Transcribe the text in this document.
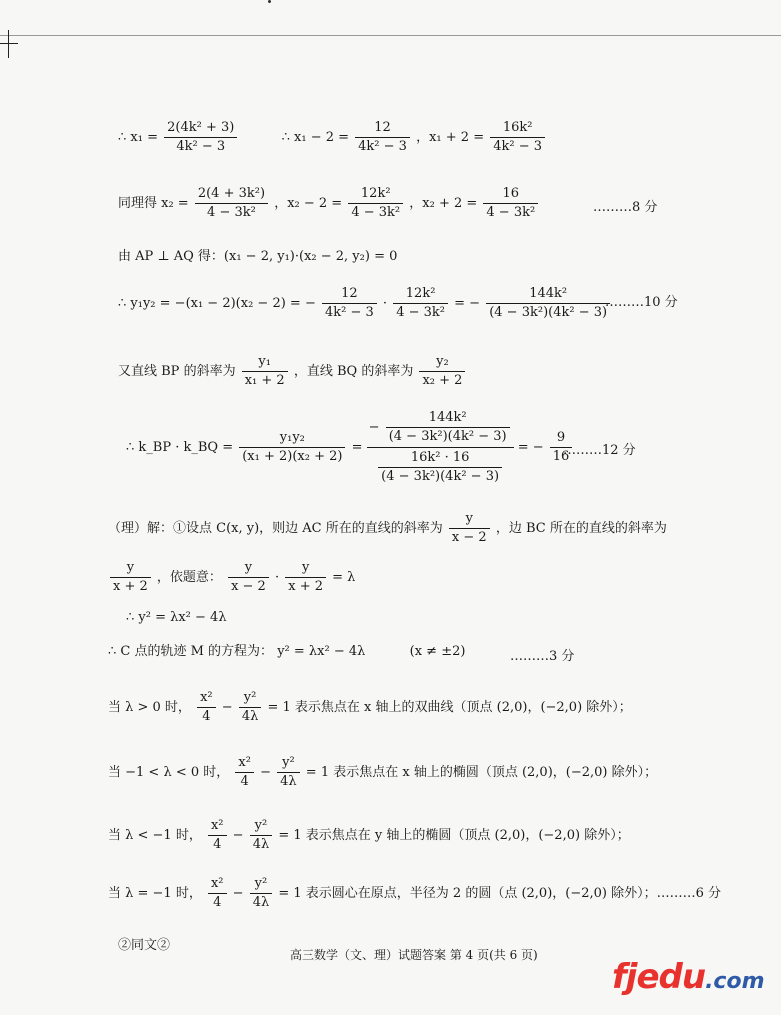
∴ $x_1 = \frac{\text{2(4k² + 3)}}{\text{4k² − 3}}$	∴ $x_1 - 2 = \frac{12}{\text{4k² − 3}}$ ，$x_1 + 2 = \frac{\text{16k²}}{\text{4k² − 3}}$
同理得 $x_2 = \frac{\text{2(4 + 3k²)}}{\text{4 − 3k²}}$ ，$x_2 - 2 = \frac{\text{12k²}}{\text{4 − 3k²}}$ ，$x_2 + 2 = \frac{16}{\text{4 − 3k²}}$	………8 分
由 AP ⊥ AQ 得：(x₁ − 2, y₁)·(x₂ − 2, y₂) = 0
∴ y₁y₂ = −(x₁ − 2)(x₂ − 2) = − $\frac{12}{\text{4k² − 3}} \cdot \frac{\text{12k²}}{\text{4 − 3k²}}$ = − $\frac{\text{144k²}}{\text{(4 − 3k²)(4k² − 3)}}$
………10 分
又直线 BP 的斜率为 $\frac{\text{y₁}}{\text{x₁ + 2}}$ ，直线 BQ 的斜率为 $\frac{\text{y₂}}{\text{x₂ + 2}}$
∴ k_BP · k_BQ = $\frac{\text{y₁y₂}}{\text{(x₁ + 2)(x₂ + 2)}} = \frac{- \frac{\text{144k²}}{\text{(4 − 3k²)(4k² − 3)}}}{\frac{\text{16k² · 16}}{\text{(4 − 3k²)(4k² − 3)}}}$ = − $\frac{9}{16}$
………12 分
（理）解：①设点 C(x, y)，则边 AC 所在的直线的斜率为 $\frac{y}{x - 2}$ ，边 BC 所在的直线的斜率为
$\frac{y}{x + 2}$ ，依题意： $\frac{y}{x - 2} \cdot \frac{y}{x + 2} = \lambda$
∴ y² = λx² − 4λ
∴ C 点的轨迹 M 的方程为： y² = λx² − 4λ	(x ≠ ±2)	………3 分
当 λ > 0 时， $\frac{\text{x²}}{4} - \frac{\text{y²}}{4\lambda} = 1$ 表示焦点在 x 轴上的双曲线（顶点 (2,0)，(−2,0) 除外）；
当 −1 < λ < 0 时， $\frac{\text{x²}}{4} - \frac{\text{y²}}{4\lambda} = 1$ 表示焦点在 x 轴上的椭圆（顶点 (2,0)，(−2,0) 除外）；
当 λ < −1 时， $\frac{\text{x²}}{4} - \frac{\text{y²}}{4\lambda} = 1$ 表示焦点在 y 轴上的椭圆（顶点 (2,0)，(−2,0) 除外）；
当 λ = −1 时， $\frac{\text{x²}}{4} - \frac{\text{y²}}{4\lambda} = 1$ 表示圆心在原点，半径为 2 的圆（点 (2,0)，(−2,0) 除外）；………6 分
②同文②
高三数学（文、理）试题答案 第 4 页(共 6 页)
fjedu.com
